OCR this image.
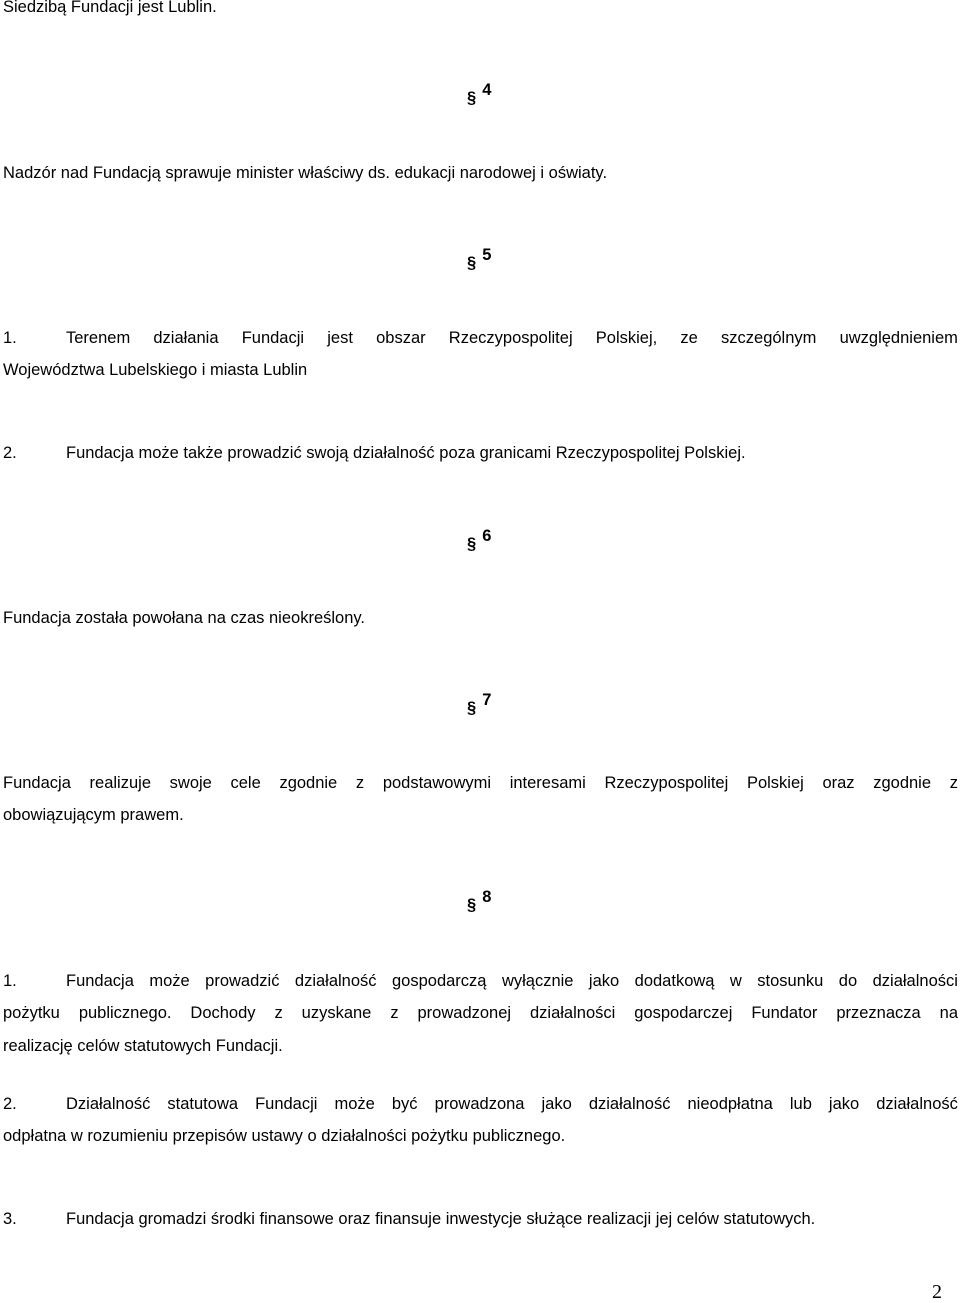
Siedzibą Fundacji jest Lublin.
§ 4
Nadzór nad Fundacją sprawuje minister właściwy ds. edukacji narodowej i oświaty.
§ 5
1.	Terenem działania Fundacji jest obszar Rzeczypospolitej Polskiej, ze szczególnym uwzględnieniem
Województwa Lubelskiego i miasta Lublin
2.	Fundacja może także prowadzić swoją działalność poza granicami Rzeczypospolitej Polskiej.
§ 6
Fundacja została powołana na czas nieokreślony.
§ 7
Fundacja realizuje swoje cele zgodnie z podstawowymi interesami Rzeczypospolitej Polskiej oraz zgodnie z
obowiązującym prawem.
§ 8
1.	Fundacja może prowadzić działalność gospodarczą wyłącznie jako dodatkową w stosunku do działalności
pożytku publicznego. Dochody z uzyskane z prowadzonej działalności gospodarczej Fundator przeznacza na
realizację celów statutowych Fundacji.
2.	Działalność statutowa Fundacji może być prowadzona jako działalność nieodpłatna lub jako działalność
odpłatna w rozumieniu przepisów ustawy o działalności pożytku publicznego.
3.	Fundacja gromadzi środki finansowe oraz finansuje inwestycje służące realizacji jej celów statutowych.
2
